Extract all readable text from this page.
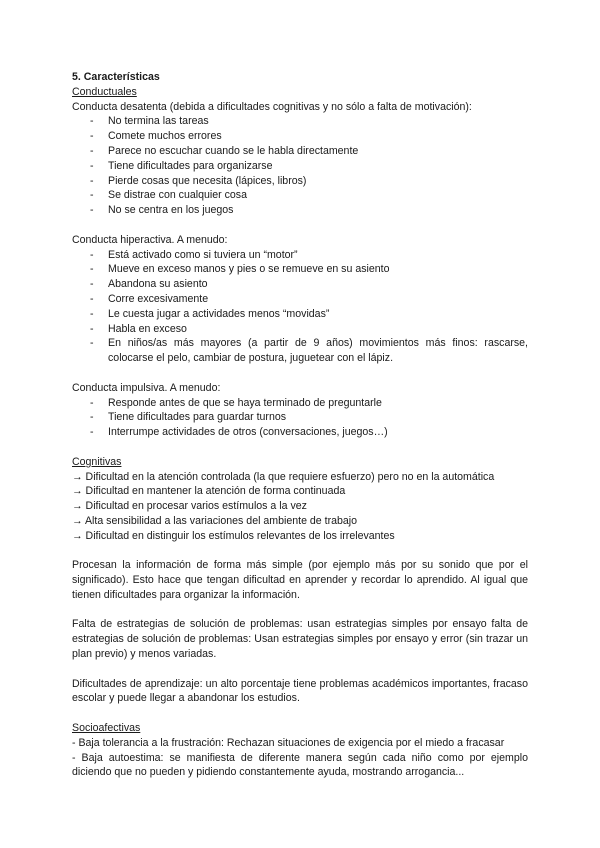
5. Características

Conductuales

Conducta desatenta (debida a dificultades cognitivas y no sólo a falta de motivación):

- No termina las tareas
- Comete muchos errores
- Parece no escuchar cuando se le habla directamente
- Tiene dificultades para organizarse
- Pierde cosas que necesita (lápices, libros)
- Se distrae con cualquier cosa
- No se centra en los juegos

Conducta hiperactiva. A menudo:

- Está activado como si tuviera un “motor”
- Mueve en exceso manos y pies o se remueve en su asiento
- Abandona su asiento
- Corre excesivamente
- Le cuesta jugar a actividades menos “movidas”
- Habla en exceso
- En niños/as más mayores (a partir de 9 años) movimientos más finos: rascarse, colocarse el pelo, cambiar de postura, juguetear con el lápiz.

Conducta impulsiva. A menudo:

- Responde antes de que se haya terminado de preguntarle
- Tiene dificultades para guardar turnos
- Interrumpe actividades de otros (conversaciones, juegos…)

Cognitivas

→ Dificultad en la atención controlada (la que requiere esfuerzo) pero no en la automática

→ Dificultad en mantener la atención de forma continuada

→ Dificultad en procesar varios estímulos a la vez

→ Alta sensibilidad a las variaciones del ambiente de trabajo

→ Dificultad en distinguir los estímulos relevantes de los irrelevantes

Procesan la información de forma más simple (por ejemplo más por su sonido que por el significado). Esto hace que tengan dificultad en aprender y recordar lo aprendido. Al igual que tienen dificultades para organizar la información.

Falta de estrategias de solución de problemas: usan estrategias simples por ensayo falta de estrategias de solución de problemas: Usan estrategias simples por ensayo y error (sin trazar un plan previo) y menos variadas.

Dificultades de aprendizaje: un alto porcentaje tiene problemas académicos importantes, fracaso escolar y puede llegar a abandonar los estudios.

Socioafectivas

- Baja tolerancia a la frustración: Rechazan situaciones de exigencia por el miedo a fracasar

- Baja autoestima: se manifiesta de diferente manera según cada niño como por ejemplo diciendo que no pueden y pidiendo constantemente ayuda, mostrando arrogancia...
